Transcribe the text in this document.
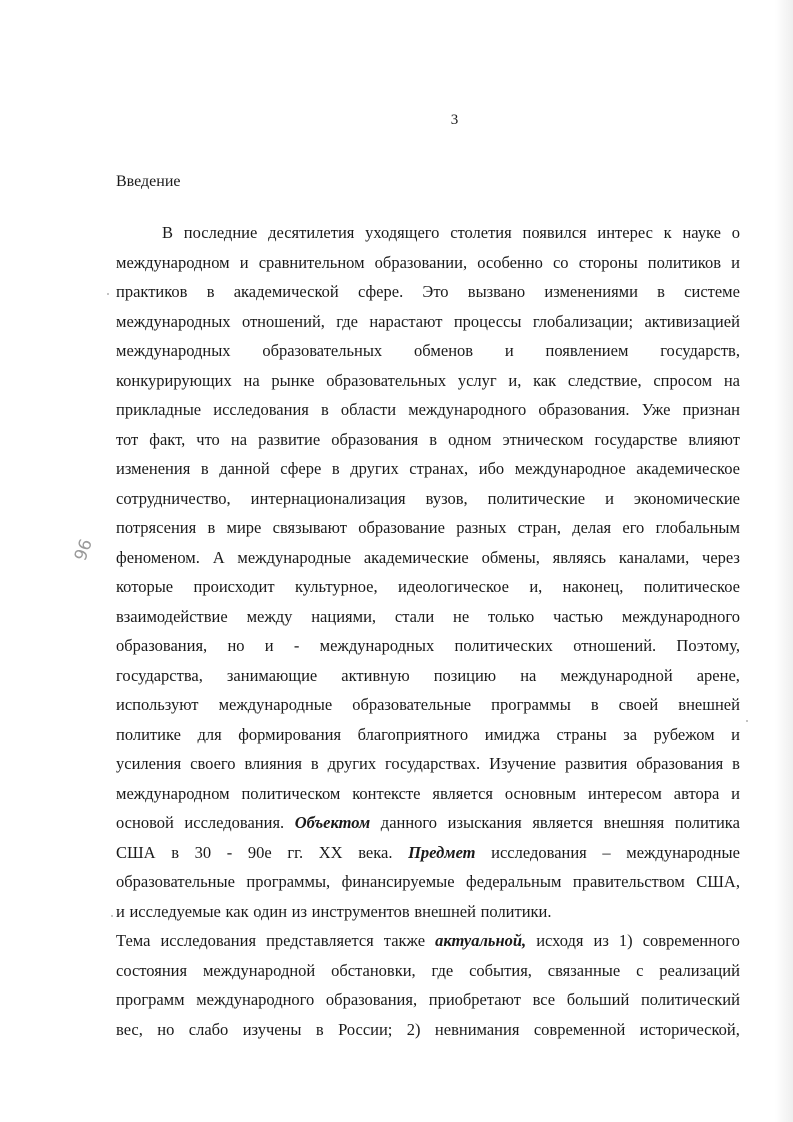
3
Введение
96
В последние десятилетия уходящего столетия появился интерес к науке о
международном и сравнительном образовании, особенно со стороны политиков и
практиков в академической сфере. Это вызвано изменениями в системе
международных отношений, где нарастают процессы глобализации; активизацией
международных образовательных обменов и появлением государств,
конкурирующих на рынке образовательных услуг и, как следствие, спросом на
прикладные исследования в области международного образования. Уже признан
тот факт, что на развитие образования в одном этническом государстве влияют
изменения в данной сфере в других странах, ибо международное академическое
сотрудничество, интернационализация вузов, политические и экономические
потрясения в мире связывают образование разных стран, делая его глобальным
феноменом. А международные академические обмены, являясь каналами, через
которые происходит культурное, идеологическое и, наконец, политическое
взаимодействие между нациями, стали не только частью международного
образования, но и - международных политических отношений. Поэтому,
государства, занимающие активную позицию на международной арене,
используют международные образовательные программы в своей внешней
политике для формирования благоприятного имиджа страны за рубежом и
усиления своего влияния в других государствах. Изучение развития образования в
международном политическом контексте является основным интересом автора и
основой исследования. Объектом данного изыскания является внешняя политика
США в 30 - 90е гг. XX века. Предмет исследования – международные
образовательные программы, финансируемые федеральным правительством США,
и исследуемые как один из инструментов внешней политики.
Тема исследования представляется также актуальной, исходя из 1) современного
состояния международной обстановки, где события, связанные с реализаций
программ международного образования, приобретают все больший политический
вес, но слабо изучены в России; 2) невнимания современной исторической,
